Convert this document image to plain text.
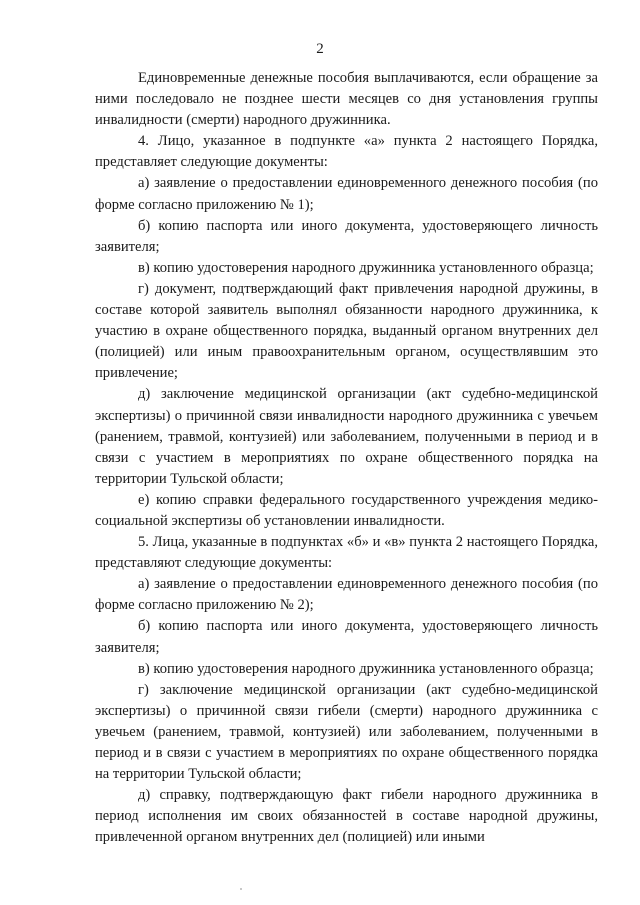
2

Единовременные денежные пособия выплачиваются, если обращение за ними последовало не позднее шести месяцев со дня установления группы инвалидности (смерти) народного дружинника.

4. Лицо, указанное в подпункте «а» пункта 2 настоящего Порядка, представляет следующие документы:

а) заявление о предоставлении единовременного денежного пособия (по форме согласно приложению № 1);

б) копию паспорта или иного документа, удостоверяющего личность заявителя;

в) копию удостоверения народного дружинника установленного образца;

г) документ, подтверждающий факт привлечения народной дружины, в составе которой заявитель выполнял обязанности народного дружинника, к участию в охране общественного порядка, выданный органом внутренних дел (полицией) или иным правоохранительным органом, осуществлявшим это привлечение;

д) заключение медицинской организации (акт судебно-медицинской экспертизы) о причинной связи инвалидности народного дружинника с увечьем (ранением, травмой, контузией) или заболеванием, полученными в период и в связи с участием в мероприятиях по охране общественного порядка на территории Тульской области;

е) копию справки федерального государственного учреждения медико-социальной экспертизы об установлении инвалидности.

5. Лица, указанные в подпунктах «б» и «в» пункта 2 настоящего Порядка, представляют следующие документы:

а) заявление о предоставлении единовременного денежного пособия (по форме согласно приложению № 2);

б) копию паспорта или иного документа, удостоверяющего личность заявителя;

в) копию удостоверения народного дружинника установленного образца;

г) заключение медицинской организации (акт судебно-медицинской экспертизы) о причинной связи гибели (смерти) народного дружинника с увечьем (ранением, травмой, контузией) или заболеванием, полученными в период и в связи с участием в мероприятиях по охране общественного порядка на территории Тульской области;

д) справку, подтверждающую факт гибели народного дружинника в период исполнения им своих обязанностей в составе народной дружины, привлеченной органом внутренних дел (полицией) или иными
